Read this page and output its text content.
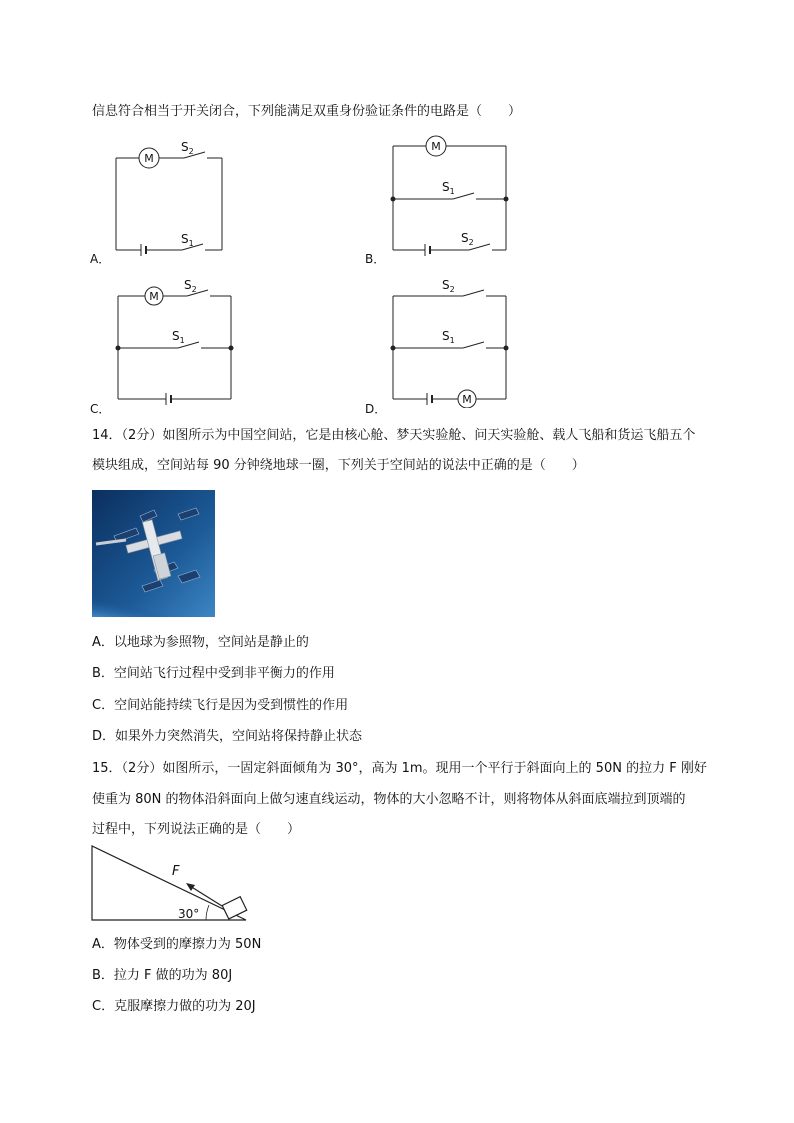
信息符合相当于开关闭合，下列能满足双重身份验证条件的电路是（　　）
M
$S_2$
$S_1$
A．
M
$S_1$
$S_2$
B．
M
$S_2$
$S_1$
C．
M
$S_2$
$S_1$
D．
14．（2分）如图所示为中国空间站，它是由核心舱、梦天实验舱、问天实验舱、载人飞船和货运飞船五个
模块组成，空间站每 90 分钟绕地球一圈，下列关于空间站的说法中正确的是（　　）
A．以地球为参照物，空间站是静止的
B．空间站飞行过程中受到非平衡力的作用
C．空间站能持续飞行是因为受到惯性的作用
D．如果外力突然消失，空间站将保持静止状态
15．（2分）如图所示，一固定斜面倾角为 30°，高为 1m。现用一个平行于斜面向上的 50N 的拉力 F 刚好
使重为 80N 的物体沿斜面向上做匀速直线运动，物体的大小忽略不计，则将物体从斜面底端拉到顶端的
过程中，下列说法正确的是（　　）
F
30°
A．物体受到的摩擦力为 50N
B．拉力 F 做的功为 80J
C．克服摩擦力做的功为 20J
